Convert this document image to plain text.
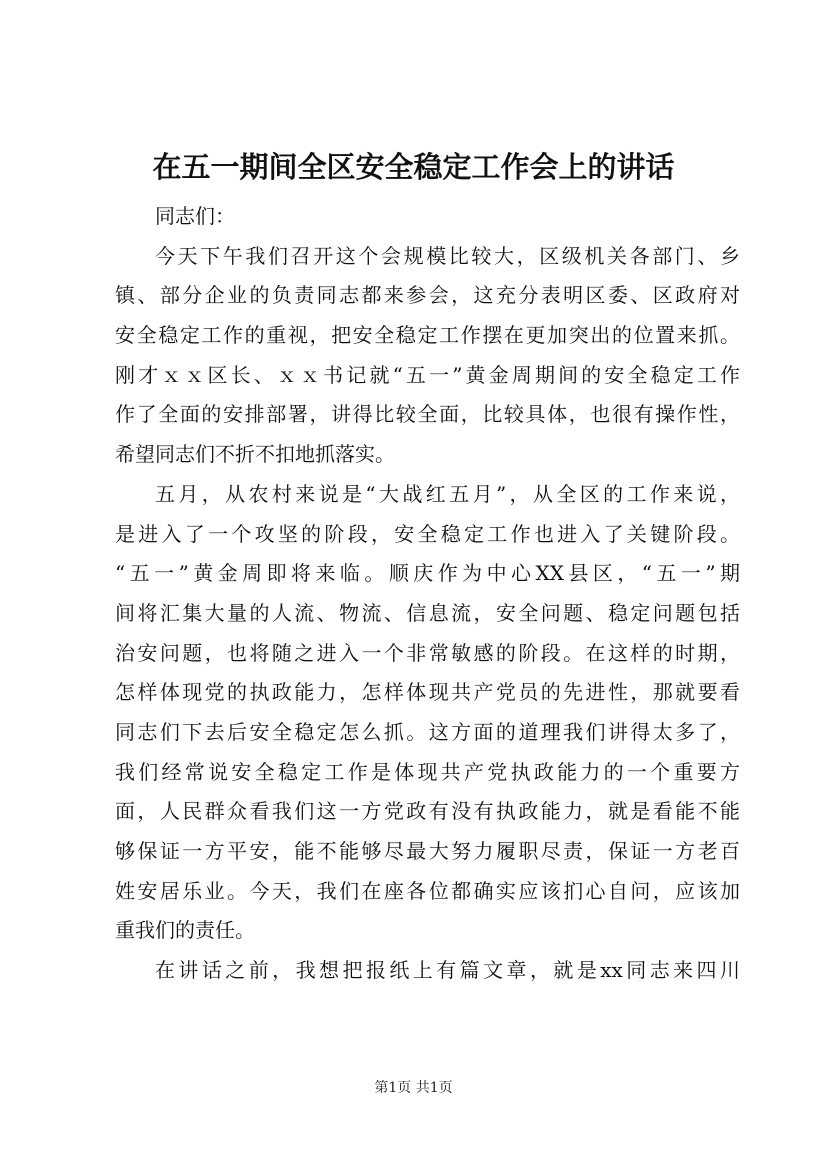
在五一期间全区安全稳定工作会上的讲话
同志们：
今天下午我们召开这个会规模比较大，区级机关各部门、乡
镇、部分企业的负责同志都来参会，这充分表明区委、区政府对
安全稳定工作的重视，把安全稳定工作摆在更加突出的位置来抓。
刚才ｘｘ区长、ｘｘ书记就“五一”黄金周期间的安全稳定工作
作了全面的安排部署，讲得比较全面，比较具体，也很有操作性，
希望同志们不折不扣地抓落实。
五月，从农村来说是“大战红五月”，从全区的工作来说，
是进入了一个攻坚的阶段，安全稳定工作也进入了关键阶段。
“五一”黄金周即将来临。顺庆作为中心XX县区，“五一”期
间将汇集大量的人流、物流、信息流，安全问题、稳定问题包括
治安问题，也将随之进入一个非常敏感的阶段。在这样的时期，
怎样体现党的执政能力，怎样体现共产党员的先进性，那就要看
同志们下去后安全稳定怎么抓。这方面的道理我们讲得太多了，
我们经常说安全稳定工作是体现共产党执政能力的一个重要方
面，人民群众看我们这一方党政有没有执政能力，就是看能不能
够保证一方平安，能不能够尽最大努力履职尽责，保证一方老百
姓安居乐业。今天，我们在座各位都确实应该扪心自问，应该加
重我们的责任。
在讲话之前，我想把报纸上有篇文章，就是xx同志来四川
第1页 共1页
